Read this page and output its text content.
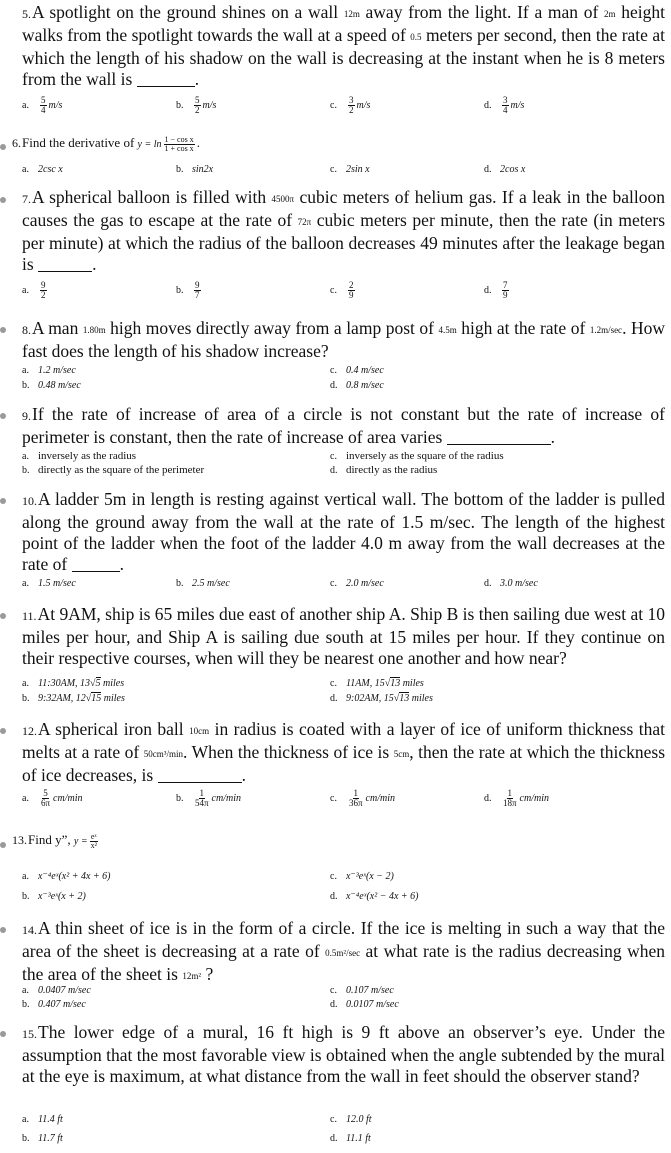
5.A spotlight on the ground shines on a wall 12m away from the light. If a man of 2m height walks from the spotlight towards the wall at a speed of 0.5 meters per second, then the rate at which the length of his shadow on the wall is decreasing at the instant when he is 8 meters from the wall is	.
a. $\frac{5}{4} m/s$	b. $\frac{5}{2} m/s$	c. $\frac{3}{2} m/s$	d. $\frac{3}{4} m/s$
6.Find the derivative of $y = \ln \frac{\text{1 − cos x}}{\text{1 + cos x}}$ .
a. 2csc x	b. sin2x	c. 2sin x	d. 2cos x
7.A spherical balloon is filled with 4500π cubic meters of helium gas. If a leak in the balloon causes the gas to escape at the rate of 72π cubic meters per minute, then the rate (in meters per minute) at which the radius of the balloon decreases 49 minutes after the leakage began is	.
a. $\frac{9}{2}$	b. $\frac{9}{7}$	c. $\frac{2}{9}$	d. $\frac{7}{9}$
8.A man 1.80m high moves directly away from a lamp post of 4.5m high at the rate of 1.2m/sec. How fast does the length of his shadow increase?
a. 1.2 m/sec
b. 0.48 m/sec
c. 0.4 m/sec
d. 0.8 m/sec
9.If the rate of increase of area of a circle is not constant but the rate of increase of perimeter is constant, then the rate of increase of area varies	.
a. inversely as the radius
b. directly as the square of the perimeter
c. inversely as the square of the radius
d. directly as the radius
10.A ladder 5m in length is resting against vertical wall. The bottom of the ladder is pulled along the ground away from the wall at the rate of 1.5 m/sec. The length of the highest point of the ladder when the foot of the ladder 4.0 m away from the wall decreases at the rate of	.
a. 1.5 m/sec	b. 2.5 m/sec	c. 2.0 m/sec	d. 3.0 m/sec
11.At 9AM, ship is 65 miles due east of another ship A. Ship B is then sailing due west at 10 miles per hour, and Ship A is sailing due south at 15 miles per hour. If they continue on their respective courses, when will they be nearest one another and how near?
a. 11:30AM, 13√5 miles
b. 9:32AM, 12√15 miles
c. 11AM, 15√13 miles
d. 9:02AM, 15√13 miles
12.A spherical iron ball 10cm in radius is coated with a layer of ice of uniform thickness that melts at a rate of 50cm³/min. When the thickness of ice is 5cm, then the rate at which the thickness of ice decreases, is	.
a. $\frac{5}{6\pi} cm/\min$	b. $\frac{1}{54\pi} cm/\min$	c. $\frac{1}{36\pi} cm/\min$	d. $\frac{1}{18\pi} cm/\min$
13.Find y”, $y = \frac{\text{eˣ}}{\text{x²}}$
a. x⁻⁴eˣ(x² + 4x + 6)
b. x⁻³eˣ(x + 2)
c. x⁻³eˣ(x − 2)
d. x⁻⁴eˣ(x² − 4x + 6)
14.A thin sheet of ice is in the form of a circle. If the ice is melting in such a way that the area of the sheet is decreasing at a rate of 0.5m²/sec at what rate is the radius decreasing when the area of the sheet is 12m² ?
a. 0.0407 m/sec
b. 0.407 m/sec
c. 0.107 m/sec
d. 0.0107 m/sec
15.The lower edge of a mural, 16 ft high is 9 ft above an observer’s eye. Under the assumption that the most favorable view is obtained when the angle subtended by the mural at the eye is maximum, at what distance from the wall in feet should the observer stand?
a. 11.4 ft
b. 11.7 ft
c. 12.0 ft
d. 11.1 ft
